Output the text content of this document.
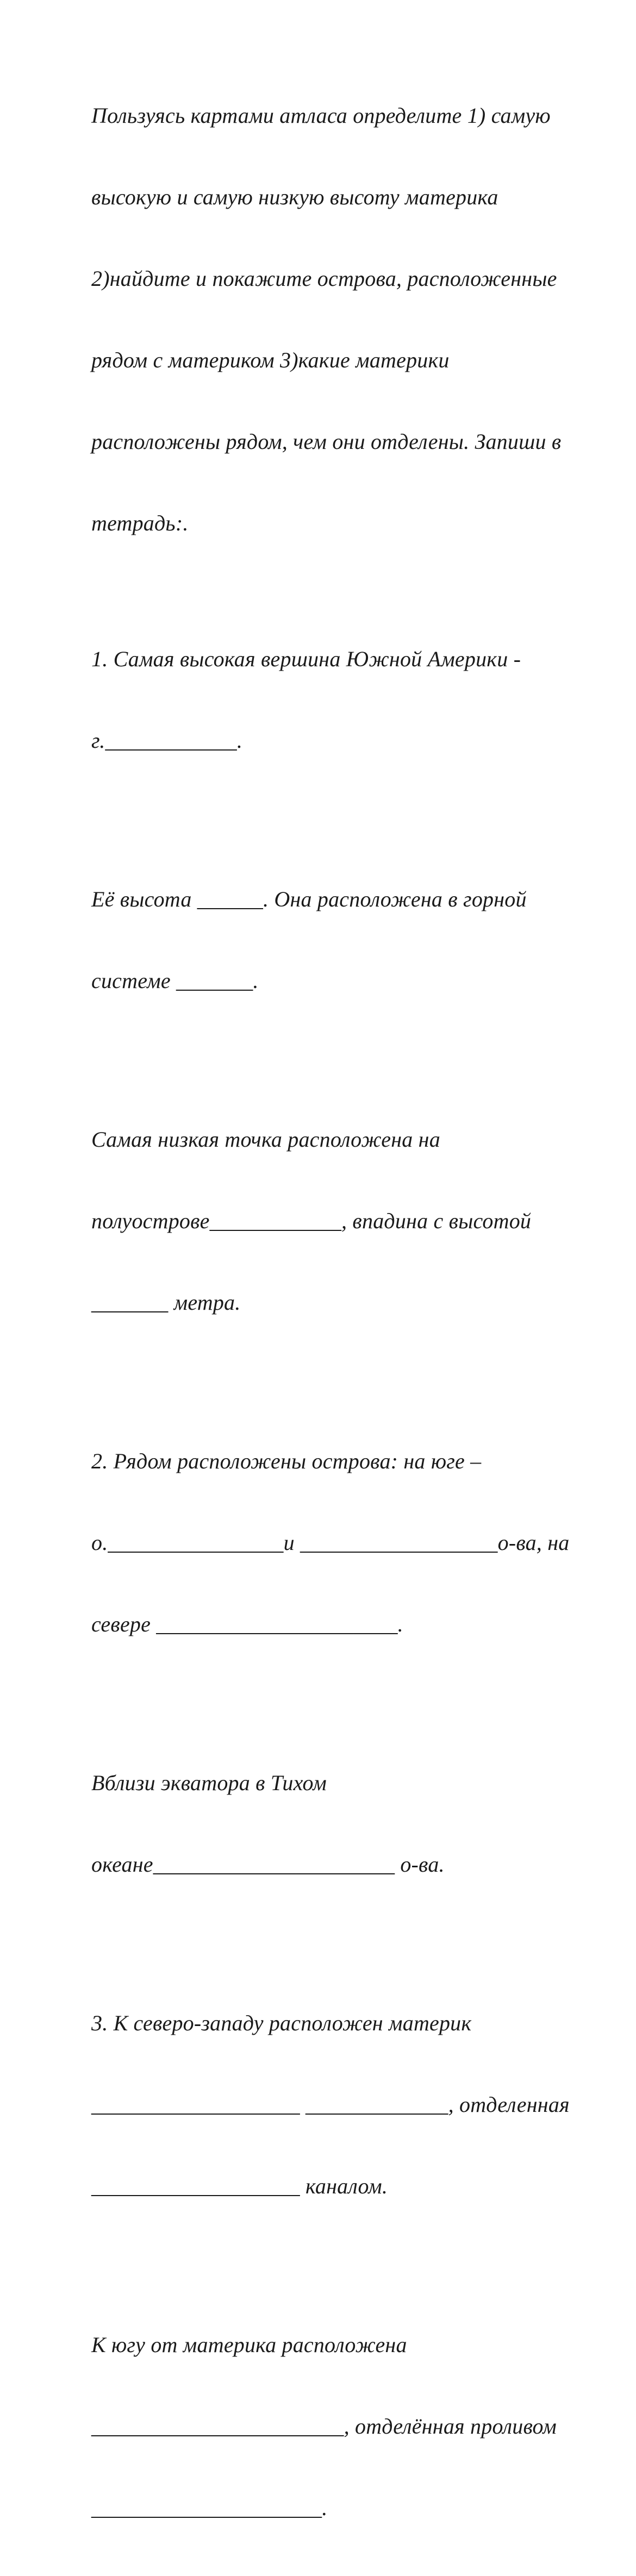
Пользуясь картами атласа определите 1) самую

высокую и самую низкую высоту материка

2)найдите и покажите острова, расположенные

рядом с материком 3)какие материки

расположены рядом, чем они отделены. Запиши в

тетрадь:.

1. Самая высокая вершина Южной Америки -

г.____________.

Её высота ______. Она расположена в горной

системе _______.

Самая низкая точка расположена на

полуострове____________, впадина с высотой

_______ метра.

2. Рядом расположены острова: на юге –

о.________________и __________________о-ва, на

севере ______________________.

Вблизи экватора в Тихом

океане______________________ о-ва.

3. К северо-западу расположен материк

___________________ _____________, отделенная

___________________ каналом.

К югу от материка расположена

_______________________, отделённая проливом

_____________________.
